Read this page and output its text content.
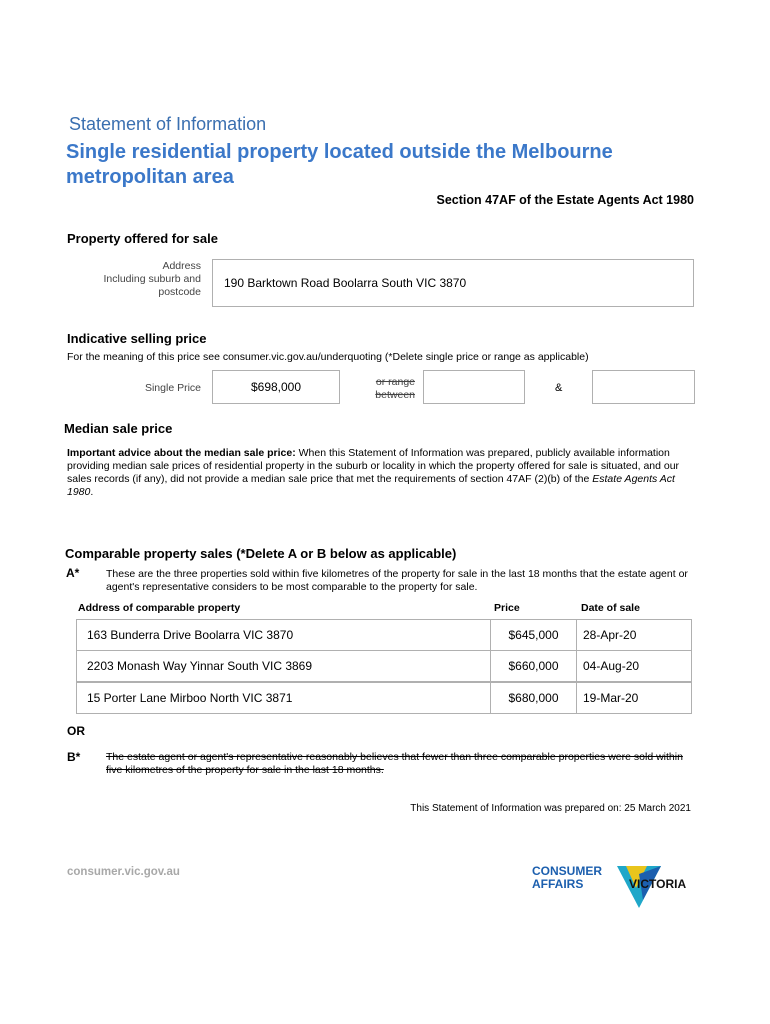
Statement of Information
Single residential property located outside the Melbourne metropolitan area
Section 47AF of the Estate Agents Act 1980
Property offered for sale
Address
Including suburb and
postcode
190 Barktown Road Boolarra South VIC 3870
Indicative selling price
For the meaning of this price see consumer.vic.gov.au/underquoting (*Delete single price or range as applicable)
Single Price	$698,000	or range
between
&
Median sale price
Important advice about the median sale price: When this Statement of Information was prepared, publicly available information providing median sale prices of residential property in the suburb or locality in which the property offered for sale is situated, and our sales records (if any), did not provide a median sale price that met the requirements of section 47AF (2)(b) of the Estate Agents Act 1980.
Comparable property sales (*Delete A or B below as applicable)
A*	These are the three properties sold within five kilometres of the property for sale in the last 18 months that the estate agent or agent's representative considers to be most comparable to the property for sale.
Address of comparable property	Price	Date of sale
163 Bunderra Drive Boolarra VIC 3870	$645,000	28-Apr-20
2203 Monash Way Yinnar South VIC 3869	$660,000	04-Aug-20
15 Porter Lane Mirboo North VIC 3871	$680,000	19-Mar-20
OR
B* The estate agent or agent's representative reasonably believes that fewer than three comparable properties were sold within five kilometres of the property for sale in the last 18 months.
This Statement of Information was prepared on: 25 March 2021
consumer.vic.gov.au	CONSUMER
AFFAIRS	VICTORIA
